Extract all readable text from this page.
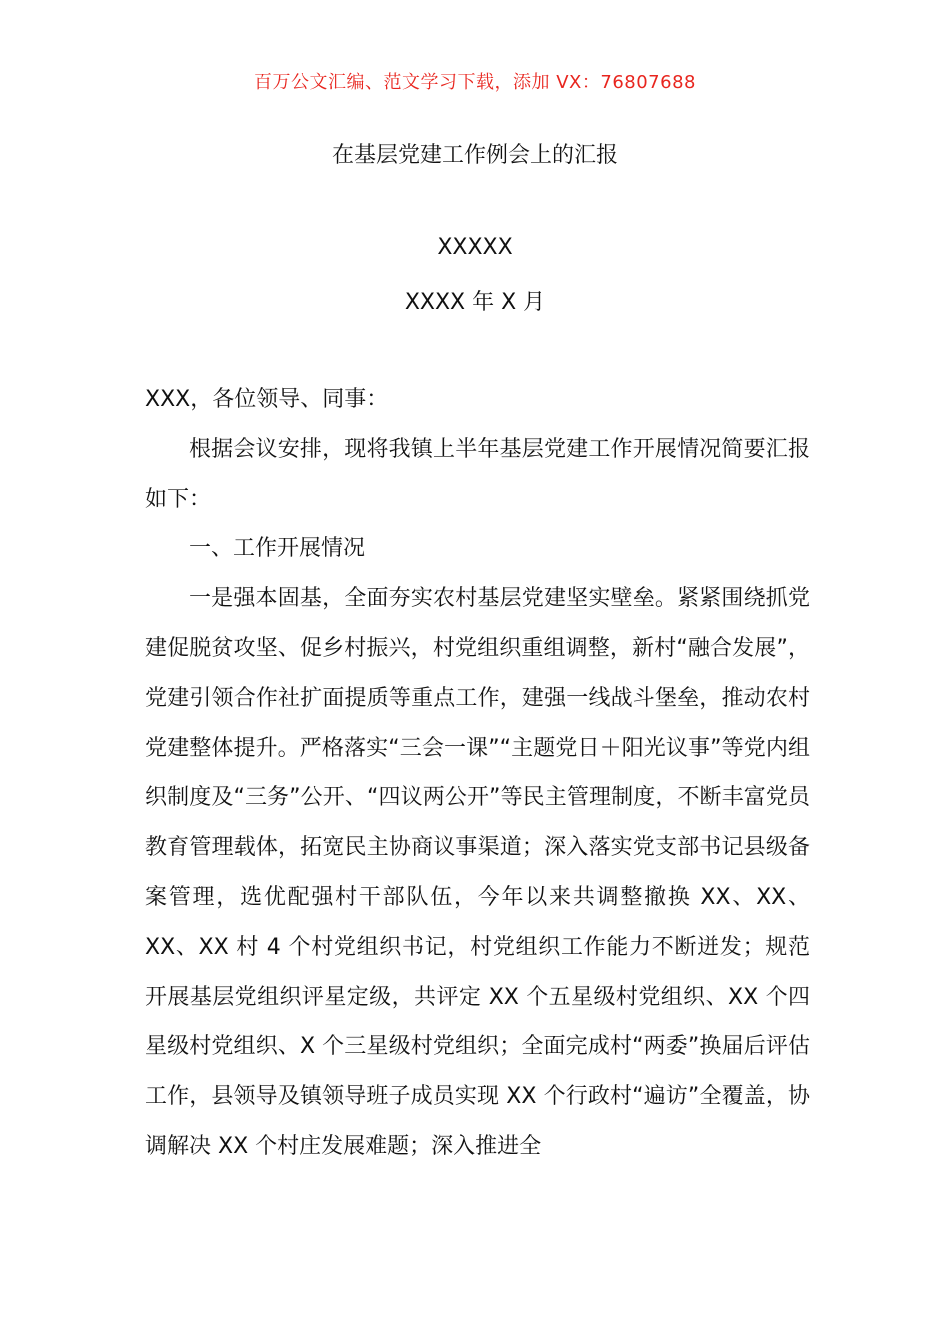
百万公文汇编、范文学习下载，添加 VX：76807688
在基层党建工作例会上的汇报
XXXXX
XXXX 年 X 月

XXX，各位领导、同事：

根据会议安排，现将我镇上半年基层党建工作开展情况简要汇报如下：

一、工作开展情况

一是强本固基，全面夯实农村基层党建坚实壁垒。紧紧围绕抓党建促脱贫攻坚、促乡村振兴，村党组织重组调整，新村“融合发展”，党建引领合作社扩面提质等重点工作，建强一线战斗堡垒，推动农村党建整体提升。严格落实“三会一课”“主题党日＋阳光议事”等党内组织制度及“三务”公开、“四议两公开”等民主管理制度，不断丰富党员教育管理载体，拓宽民主协商议事渠道；深入落实党支部书记县级备案管理，选优配强村干部队伍，今年以来共调整撤换 XX、XX、XX、XX 村 4 个村党组织书记，村党组织工作能力不断迸发；规范开展基层党组织评星定级，共评定 XX 个五星级村党组织、XX 个四星级村党组织、X 个三星级村党组织；全面完成村“两委”换届后评估工作，县领导及镇领导班子成员实现 XX 个行政村“遍访”全覆盖，协调解决 XX 个村庄发展难题；深入推进全
